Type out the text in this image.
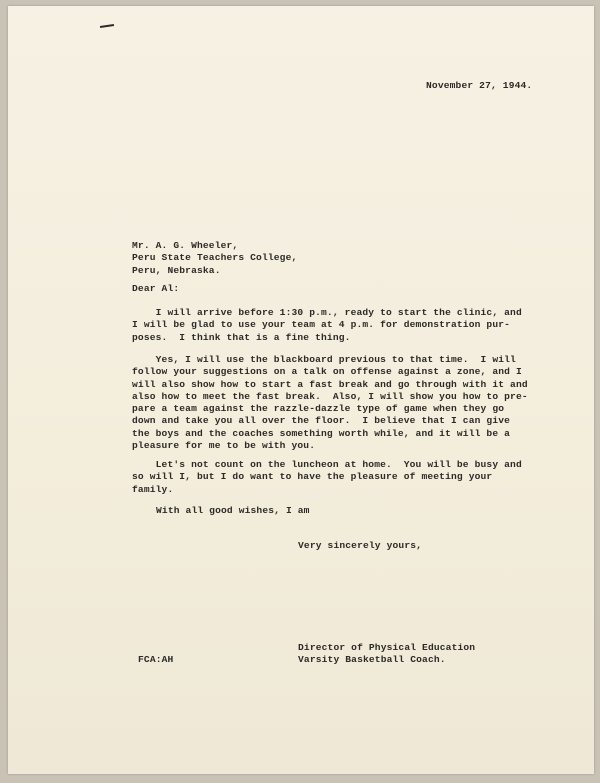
November 27, 1944.

Mr. A. G. Wheeler,
Peru State Teachers College,
Peru, Nebraska.

Dear Al:

I will arrive before 1:30 p.m., ready to start the clinic, and
I will be glad to use your team at 4 p.m. for demonstration pur-
poses.  I think that is a fine thing.
Yes, I will use the blackboard previous to that time.  I will
follow your suggestions on a talk on offense against a zone, and I
will also show how to start a fast break and go through with it and
also how to meet the fast break.  Also, I will show you how to pre-
pare a team against the razzle-dazzle type of game when they go
down and take you all over the floor.  I believe that I can give
the boys and the coaches something worth while, and it will be a
pleasure for me to be with you.
Let's not count on the luncheon at home.  You will be busy and
so will I, but I do want to have the pleasure of meeting your
family.

With all good wishes, I am

Very sincerely yours,

Director of Physical Education
Varsity Basketball Coach.

FCA:AH
